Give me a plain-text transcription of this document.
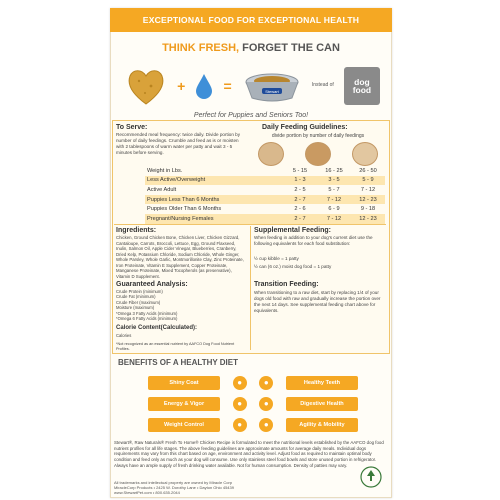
EXCEPTIONAL FOOD FOR EXCEPTIONAL HEALTH
THINK FRESH, FORGET THE CAN
+	=	Stewart
Instead of	dog food
Perfect for Puppies and Seniors Too!
To Serve:
Recommended meal frequency: twice daily. Divide portion by number of daily feedings. Crumble and feed as is or moisten with 2 tablespoons of warm water per patty and wait 3 - 5 minutes before serving.
Daily Feeding Guidelines:
divide portion by number of daily feedings
Weight in Lbs.	5 - 15	16 - 25	26 - 50
Less Active/Overweight	1 - 3	3 - 5	5 - 9
Active Adult	2 - 5	5 - 7	7 - 12
Puppies Less Than 6 Months	2 - 7	7 - 12	12 - 23
Puppies Older Than 6 Months	2 - 6	6 - 9	9 - 18
Pregnant/Nursing Females	2 - 7	7 - 12	12 - 23
Ingredients:
Chicken, Ground Chicken Bone, Chicken Liver, Chicken Gizzard, Cantaloupe, Carrots, Broccoli, Lettuce, Egg, Ground Flaxseed, Inulin, Salmon Oil, Apple Cider Vinegar, Blueberries, Cranberry, Dried Kelp, Potassium Chloride, Sodium Chloride, Whole Ginger, Whole Parsley, Whole Garlic, Montmorillonite Clay, Zinc Proteinate, Iron Proteinate, Vitamin E Supplement, Copper Proteinate, Manganese Proteinate, Mixed Tocopherols (as preservative), Vitamin D Supplement.
Guaranteed Analysis:
Crude Protein (minimum)
Crude Fat (minimum)
Crude Fiber (maximum)
Moisture (maximum)
*Omega 3 Fatty Acids (minimum)
*Omega 6 Fatty Acids (minimum)
Calorie Content(Calculated):
Calories
*Not recognized as an essential nutrient by AAFCO Dog Food Nutrient Profiles.
Supplemental Feeding:
When feeding in addition to your dog's current diet use the following equivalents for each food substitution:
½ cup kibble = 1 patty
½ can (6 oz.) moist dog food = 1 patty
Transition Feeding:
When transitioning to a raw diet, start by replacing 1/4 of your dogs old food with raw and gradually increase the portion over the next 14 days. See supplemental feeding chart above for equivalents.
BENEFITS OF A HEALTHY DIET
Shiny Coat	●	●	Healthy Teeth
Energy & Vigor	●	●	Digestive Health
Weight Control	●	●	Agility & Mobility
Stewart®, Raw Naturals® Fresh To Home® Chicken Recipe is formulated to meet the nutritional levels established by the AAFCO dog food nutrient profiles for all life stages. The above feeding guidelines are approximate amounts for average daily meals. Individual dogs requirements may vary from this chart based on age, environment and activity level. Adjust food as required to maintain optimal body condition and feed only as much as your dog will consume. Use only stainless steel food bowls and store unused portion in refrigerator. Always have an ample supply of fresh drinking water available. Not for human consumption. Density of patties may vary.
All trademarks and intellectual property are owned by Miracle Corp
MiracleCorp Products • 2425 W. Dorothy Lane • Dayton Ohio 45439
www.StewartPet.com • 800.635.2044
